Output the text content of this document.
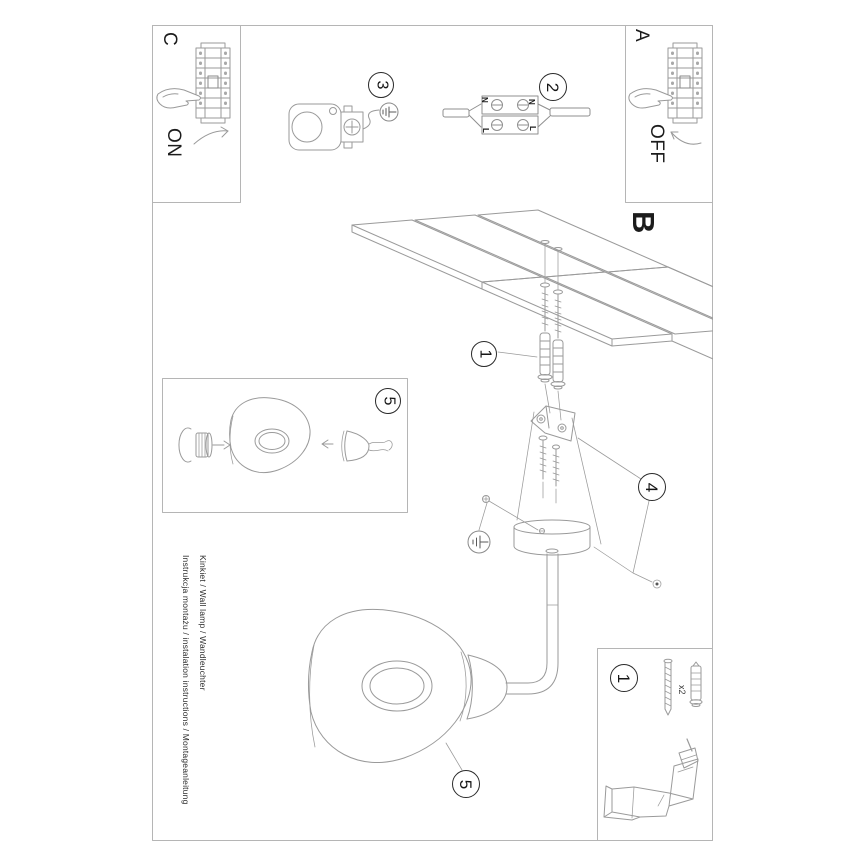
3	2
1
4
5
5
1
C	A
B
ON	OFF
N	N
L	L
x2
Instrukcja montażu / instalation instructions / Montageanleitung Kinkiet / Wall lamp / Wandleuchter
